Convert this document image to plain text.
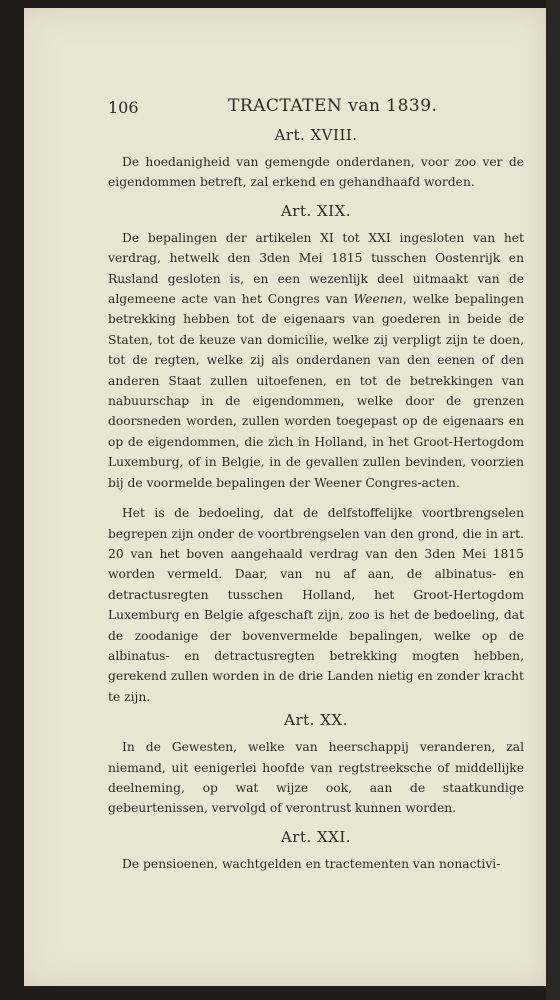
106	TRACTATEN van 1839.

Art. XVIII.

De hoedanigheid van gemengde onderdanen, voor zoo ver de eigendommen betreft, zal erkend en gehandhaafd worden.

Art. XIX.

De bepalingen der artikelen XI tot XXI ingesloten van het verdrag, hetwelk den 3den Mei 1815 tusschen Oostenrijk en Rusland gesloten is, en een wezenlijk deel uitmaakt van de algemeene acte van het Congres van Weenen, welke bepalingen betrekking hebben tot de eigenaars van goederen in beide de Staten, tot de keuze van domicilie, welke zij verpligt zijn te doen, tot de regten, welke zij als onderdanen van den eenen of den anderen Staat zullen uitoefenen, en tot de betrekkingen van nabuurschap in de eigendommen, welke door de grenzen doorsneden worden, zullen worden toegepast op de eigenaars en op de eigendommen, die zich in Holland, in het Groot-Hertogdom Luxemburg, of in Belgie, in de gevallen zullen bevinden, voorzien bij de voormelde bepalingen der Weener Congres-acten.

Het is de bedoeling, dat de delfstoffelijke voortbrengselen begrepen zijn onder de voortbrengselen van den grond, die in art. 20 van het boven aangehaald verdrag van den 3den Mei 1815 worden vermeld. Daar, van nu af aan, de albinatus- en detractusregten tusschen Holland, het Groot-Hertogdom Luxemburg en Belgie afgeschaft zijn, zoo is het de bedoeling, dat de zoodanige der bovenvermelde bepalingen, welke op de albinatus- en detractusregten betrekking mogten hebben, gerekend zullen worden in de drie Landen nietig en zonder kracht te zijn.

Art. XX.

In de Gewesten, welke van heerschappij veranderen, zal niemand, uit eenigerlei hoofde van regtstreeksche of middellijke deelneming, op wat wijze ook, aan de staatkundige gebeurtenissen, vervolgd of verontrust kunnen worden.

Art. XXI.

De pensioenen, wachtgelden en tractementen van nonactivi-
